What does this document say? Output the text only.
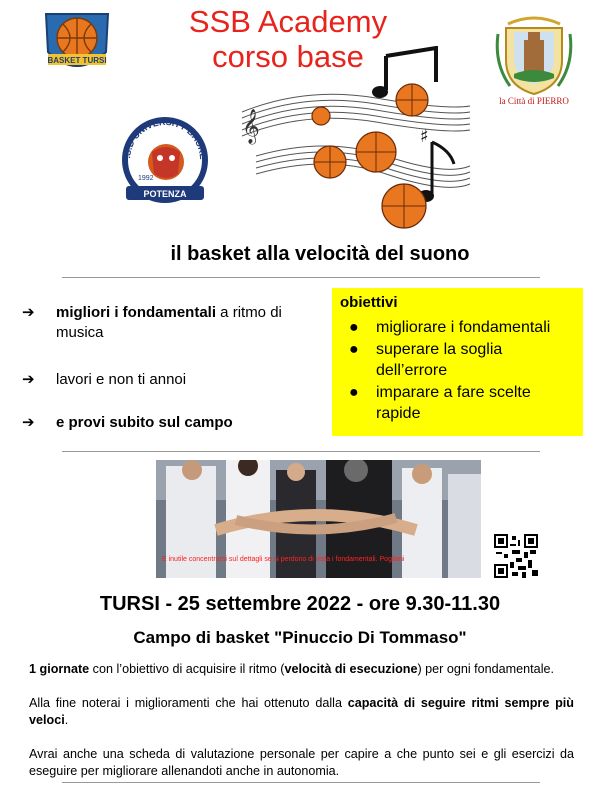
SSB Academy
corso base
BASKET TURSI
la Città di PIERRO
.S.D UNIVERSITY BASKE
1992
POTENZA
𝄞	♯
il basket alla velocità del suono
➔	migliori i fondamentali a ritmo di musica
➔	lavori e non ti annoi
➔	e provi subito sul campo
obiettivi
● migliorare i fondamentali
● superare la soglia dell’errore
● imparare a fare scelte rapide
E inutile concentrarsi sul dettagli se si perdono di vista i fondamentali. Pogliani
TURSI - 25 settembre 2022 - ore 9.30-11.30
Campo di basket "Pinuccio Di Tommaso"
1 giornate con l’obiettivo di acquisire il ritmo (velocità di esecuzione) per ogni fondamentale.
Alla fine noterai i miglioramenti che hai ottenuto dalla capacità di seguire ritmi sempre più veloci.
Avrai anche una scheda di valutazione personale per capire a che punto sei e gli esercizi da eseguire per migliorare allenandoti anche in autonomia.
